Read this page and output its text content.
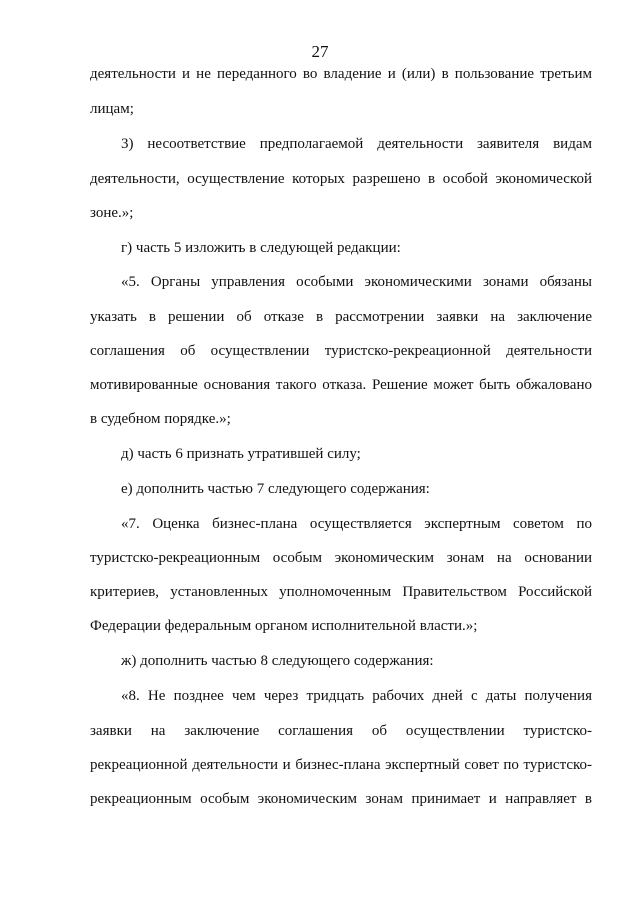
27
деятельности и не переданного во владение и (или) в пользование третьим
лицам;
3) несоответствие предполагаемой деятельности заявителя видам
деятельности, осуществление которых разрешено в особой экономической
зоне.»;
г) часть 5 изложить в следующей редакции:
«5. Органы управления особыми экономическими зонами обязаны
указать в решении об отказе в рассмотрении заявки на заключение
соглашения об осуществлении туристско-рекреационной деятельности
мотивированные основания такого отказа. Решение может быть обжаловано
в судебном порядке.»;
д) часть 6 признать утратившей силу;
е) дополнить частью 7 следующего содержания:
«7. Оценка бизнес-плана осуществляется экспертным советом по
туристско-рекреационным особым экономическим зонам на основании
критериев, установленных уполномоченным Правительством Российской
Федерации федеральным органом исполнительной власти.»;
ж) дополнить частью 8 следующего содержания:
«8. Не позднее чем через тридцать рабочих дней с даты получения
заявки на заключение соглашения об осуществлении туристско-
рекреационной деятельности и бизнес-плана экспертный совет по туристско-
рекреационным особым экономическим зонам принимает и направляет в
